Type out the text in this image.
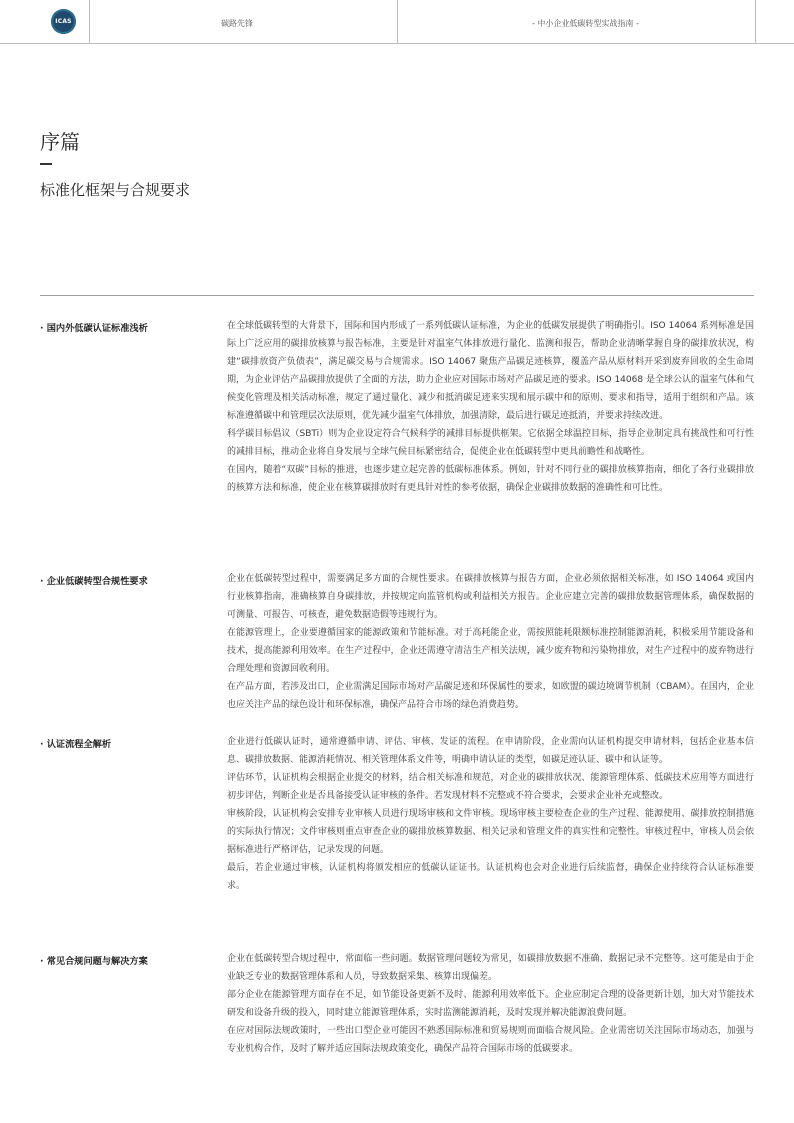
ICAS	碳路先锋	- 中小企业低碳转型实战指南 -
序篇
标准化框架与合规要求
· 国内外低碳认证标准浅析	在全球低碳转型的大背景下，国际和国内形成了一系列低碳认证标准，为企业的低碳发展提供了明确指引。ISO 14064 系列标准是国际上广泛应用的碳排放核算与报告标准，主要是针对温室气体排放进行量化、监测和报告，帮助企业清晰掌握自身的碳排放状况，构建“碳排放资产负债表”，满足碳交易与合规需求。ISO 14067 聚焦产品碳足迹核算，覆盖产品从原材料开采到废弃回收的全生命周期，为企业评估产品碳排放提供了全面的方法，助力企业应对国际市场对产品碳足迹的要求。ISO 14068 是全球公认的温室气体和气候变化管理及相关活动标准，规定了通过量化、减少和抵消碳足迹来实现和展示碳中和的原则、要求和指导，适用于组织和产品。该标准遵循碳中和管理层次法原则，优先减少温室气体排放，加强清除，最后进行碳足迹抵消，并要求持续改进。

科学碳目标倡议（SBTi）则为企业设定符合气候科学的减排目标提供框架。它依据全球温控目标，指导企业制定具有挑战性和可行性的减排目标，推动企业将自身发展与全球气候目标紧密结合，促使企业在低碳转型中更具前瞻性和战略性。

在国内，随着“双碳”目标的推进，也逐步建立起完善的低碳标准体系。例如，针对不同行业的碳排放核算指南，细化了各行业碳排放的核算方法和标准，使企业在核算碳排放时有更具针对性的参考依据，确保企业碳排放数据的准确性和可比性。

· 企业低碳转型合规性要求	企业在低碳转型过程中，需要满足多方面的合规性要求。在碳排放核算与报告方面，企业必须依据相关标准，如 ISO 14064 或国内行业核算指南，准确核算自身碳排放，并按规定向监管机构或利益相关方报告。企业应建立完善的碳排放数据管理体系，确保数据的可测量、可报告、可核查，避免数据造假等违规行为。

在能源管理上，企业要遵循国家的能源政策和节能标准。对于高耗能企业，需按照能耗限额标准控制能源消耗，积极采用节能设备和技术，提高能源利用效率。在生产过程中，企业还需遵守清洁生产相关法规，减少废弃物和污染物排放，对生产过程中的废弃物进行合理处理和资源回收利用。

在产品方面，若涉及出口，企业需满足国际市场对产品碳足迹和环保属性的要求，如欧盟的碳边境调节机制（CBAM）。在国内，企业也应关注产品的绿色设计和环保标准，确保产品符合市场的绿色消费趋势。

· 认证流程全解析	企业进行低碳认证时，通常遵循申请、评估、审核、发证的流程。在申请阶段，企业需向认证机构提交申请材料，包括企业基本信息、碳排放数据、能源消耗情况、相关管理体系文件等，明确申请认证的类型，如碳足迹认证、碳中和认证等。

评估环节，认证机构会根据企业提交的材料，结合相关标准和规范，对企业的碳排放状况、能源管理体系、低碳技术应用等方面进行初步评估，判断企业是否具备接受认证审核的条件。若发现材料不完整或不符合要求，会要求企业补充或整改。

审核阶段，认证机构会安排专业审核人员进行现场审核和文件审核。现场审核主要检查企业的生产过程、能源使用、碳排放控制措施的实际执行情况；文件审核则重点审查企业的碳排放核算数据、相关记录和管理文件的真实性和完整性。审核过程中，审核人员会依据标准进行严格评估，记录发现的问题。

最后，若企业通过审核，认证机构将颁发相应的低碳认证证书。认证机构也会对企业进行后续监督，确保企业持续符合认证标准要求。

· 常见合规问题与解决方案	企业在低碳转型合规过程中，常面临一些问题。数据管理问题较为常见，如碳排放数据不准确、数据记录不完整等。这可能是由于企业缺乏专业的数据管理体系和人员，导致数据采集、核算出现偏差。

部分企业在能源管理方面存在不足，如节能设备更新不及时、能源利用效率低下。企业应制定合理的设备更新计划，加大对节能技术研发和设备升级的投入，同时建立能源管理体系，实时监测能源消耗，及时发现并解决能源浪费问题。

在应对国际法规政策时，一些出口型企业可能因不熟悉国际标准和贸易规则而面临合规风险。企业需密切关注国际市场动态，加强与专业机构合作，及时了解并适应国际法规政策变化，确保产品符合国际市场的低碳要求。
